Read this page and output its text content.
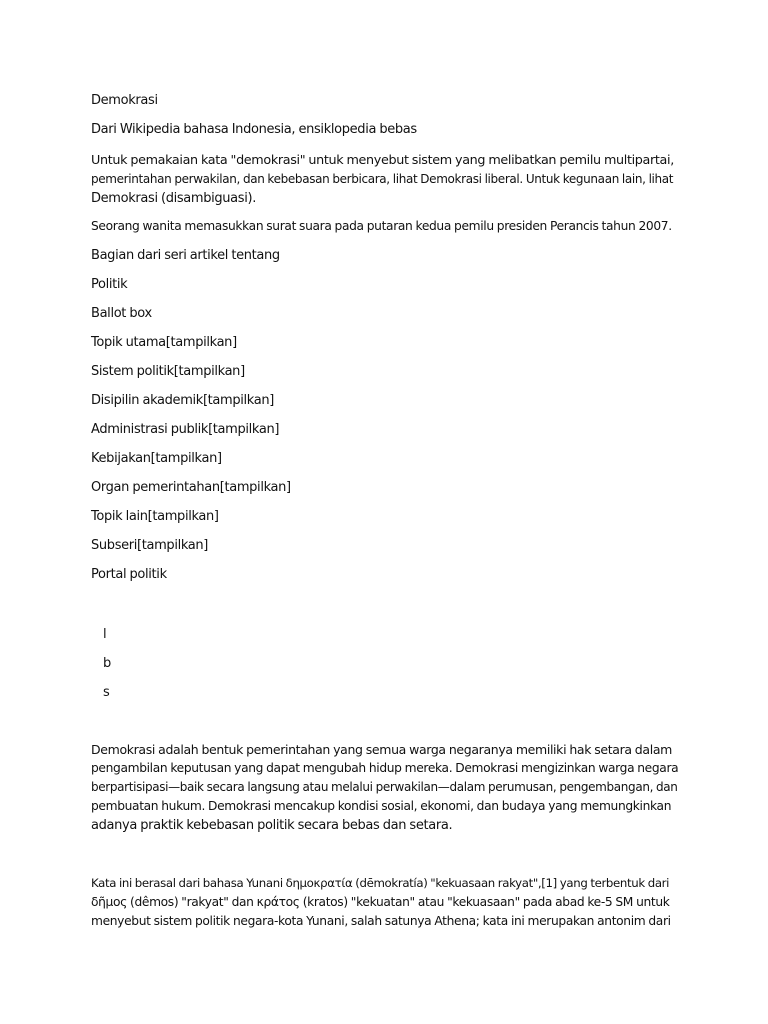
Demokrasi

Dari Wikipedia bahasa Indonesia, ensiklopedia bebas

Untuk pemakaian kata "demokrasi" untuk menyebut sistem yang melibatkan pemilu multipartai,

pemerintahan perwakilan, dan kebebasan berbicara, lihat Demokrasi liberal. Untuk kegunaan lain, lihat

Demokrasi (disambiguasi).

Seorang wanita memasukkan surat suara pada putaran kedua pemilu presiden Perancis tahun 2007.

Bagian dari seri artikel tentang

Politik

Ballot box

Topik utama[tampilkan]

Sistem politik[tampilkan]

Disipilin akademik[tampilkan]

Administrasi publik[tampilkan]

Kebijakan[tampilkan]

Organ pemerintahan[tampilkan]

Topik lain[tampilkan]

Subseri[tampilkan]

Portal politik

l

b

s

Demokrasi adalah bentuk pemerintahan yang semua warga negaranya memiliki hak setara dalam

pengambilan keputusan yang dapat mengubah hidup mereka. Demokrasi mengizinkan warga negara

berpartisipasi—baik secara langsung atau melalui perwakilan—dalam perumusan, pengembangan, dan

pembuatan hukum. Demokrasi mencakup kondisi sosial, ekonomi, dan budaya yang memungkinkan

adanya praktik kebebasan politik secara bebas dan setara.

Kata ini berasal dari bahasa Yunani δημοκρατία (dēmokratía) "kekuasaan rakyat",[1] yang terbentuk dari

δῆμος (dêmos) "rakyat" dan κράτος (kratos) "kekuatan" atau "kekuasaan" pada abad ke-5 SM untuk

menyebut sistem politik negara-kota Yunani, salah satunya Athena; kata ini merupakan antonim dari
